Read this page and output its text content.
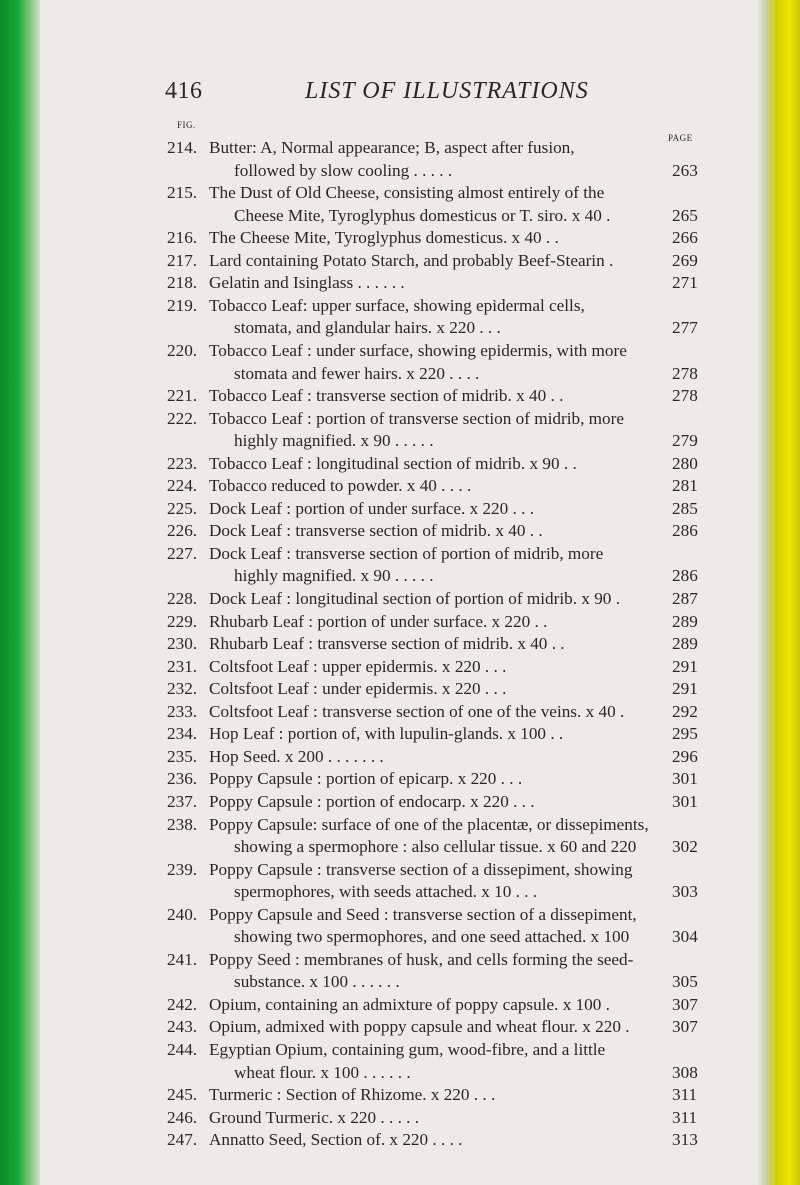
416	LIST OF ILLUSTRATIONS
FIG.
PAGE
214. Butter: A, Normal appearance; B, aspect after fusion,
followed by slow cooling . . . . .	263
215. The Dust of Old Cheese, consisting almost entirely of the
Cheese Mite, Tyroglyphus domesticus or T. siro. x 40 .	265
216. The Cheese Mite, Tyroglyphus domesticus. x 40 . .	266
217. Lard containing Potato Starch, and probably Beef-Stearin .	269
218. Gelatin and Isinglass . . . . . .	271
219. Tobacco Leaf: upper surface, showing epidermal cells,
stomata, and glandular hairs. x 220 . . .	277
220. Tobacco Leaf : under surface, showing epidermis, with more
stomata and fewer hairs. x 220 . . . .	278
221. Tobacco Leaf : transverse section of midrib. x 40 . .	278
222. Tobacco Leaf : portion of transverse section of midrib, more
highly magnified. x 90 . . . . .	279
223. Tobacco Leaf : longitudinal section of midrib. x 90 . .	280
224. Tobacco reduced to powder. x 40 . . . .	281
225. Dock Leaf : portion of under surface. x 220 . . .	285
226. Dock Leaf : transverse section of midrib. x 40 . .	286
227. Dock Leaf : transverse section of portion of midrib, more
highly magnified. x 90 . . . . .	286
228. Dock Leaf : longitudinal section of portion of midrib. x 90 .	287
229. Rhubarb Leaf : portion of under surface. x 220 . .	289
230. Rhubarb Leaf : transverse section of midrib. x 40 . .	289
231. Coltsfoot Leaf : upper epidermis. x 220 . . .	291
232. Coltsfoot Leaf : under epidermis. x 220 . . .	291
233. Coltsfoot Leaf : transverse section of one of the veins. x 40 .	292
234. Hop Leaf : portion of, with lupulin-glands. x 100 . .	295
235. Hop Seed. x 200 . . . . . . .	296
236. Poppy Capsule : portion of epicarp. x 220 . . .	301
237. Poppy Capsule : portion of endocarp. x 220 . . .	301
238. Poppy Capsule: surface of one of the placentæ, or dissepiments,
showing a spermophore : also cellular tissue. x 60 and 220 302
239. Poppy Capsule : transverse section of a dissepiment, showing
spermophores, with seeds attached. x 10 . . .	303
240. Poppy Capsule and Seed : transverse section of a dissepiment,
showing two spermophores, and one seed attached. x 100 304
241. Poppy Seed : membranes of husk, and cells forming the seed-
substance. x 100 . . . . . .	305
242. Opium, containing an admixture of poppy capsule. x 100 .	307
243. Opium, admixed with poppy capsule and wheat flour. x 220 . 307
244. Egyptian Opium, containing gum, wood-fibre, and a little
wheat flour. x 100 . . . . . .	308
245. Turmeric : Section of Rhizome. x 220 . . .	311
246. Ground Turmeric. x 220 . . . . .	311
247. Annatto Seed, Section of. x 220 . . . .	313
